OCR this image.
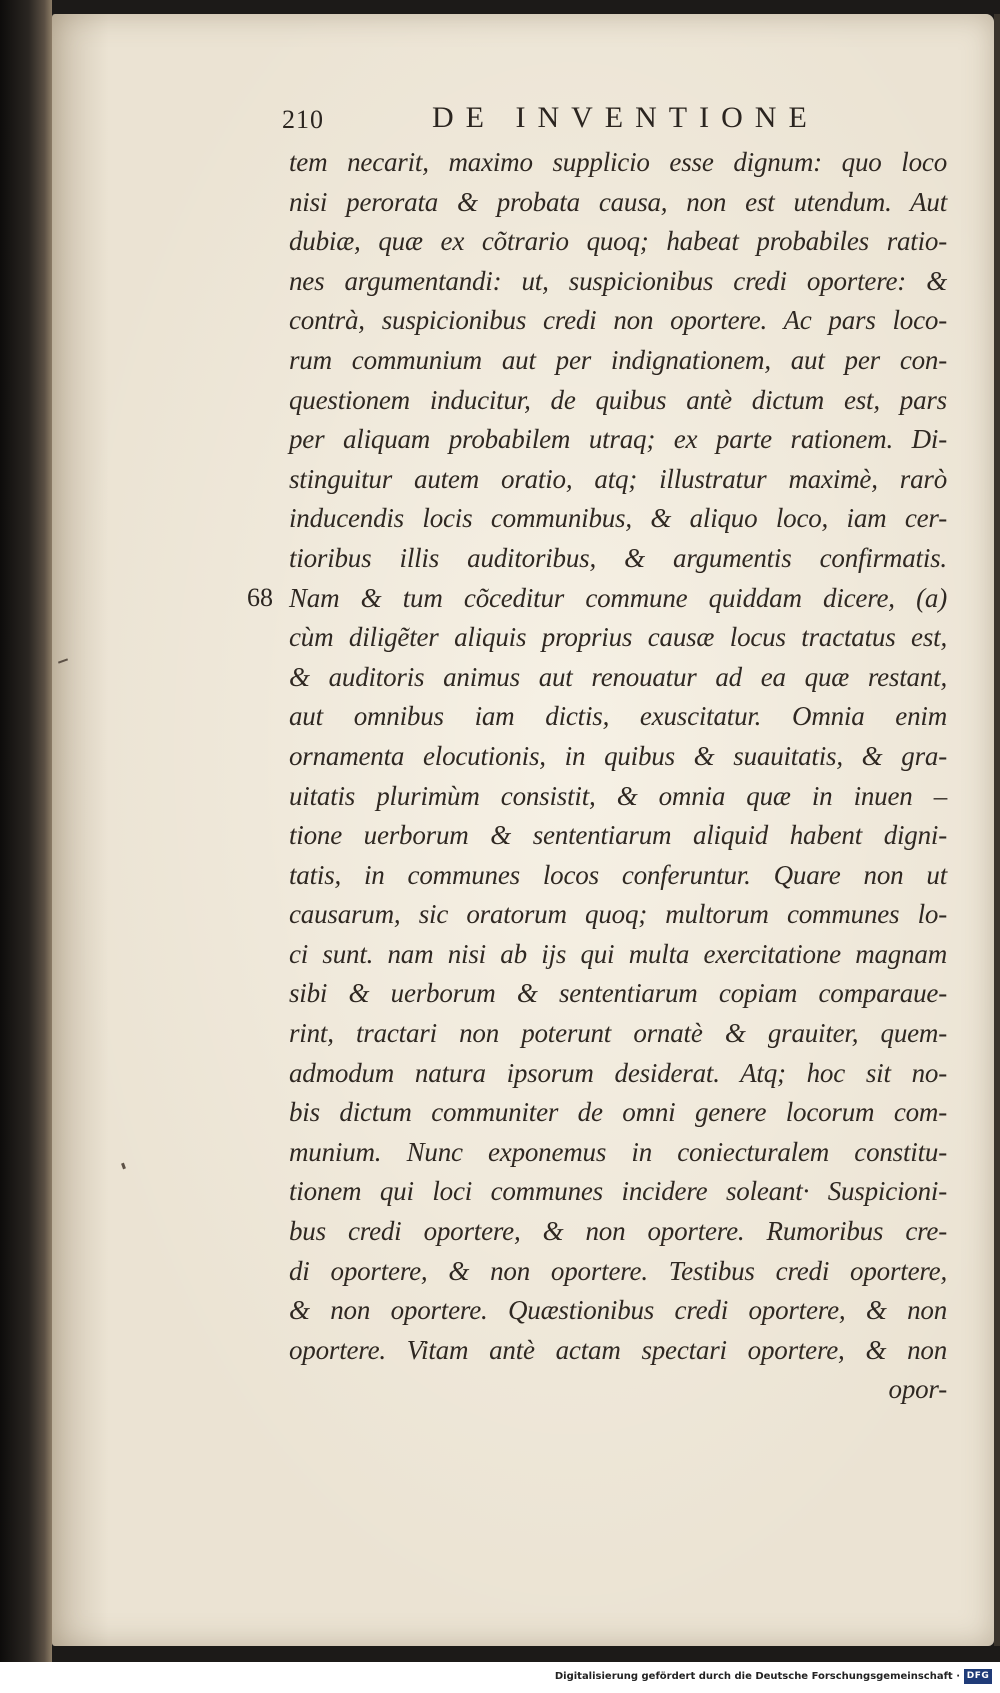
210	DE INVENTIONE
68
tem necarit, maximo supplicio esse dignum: quo loco
nisi perorata & probata causa, non est utendum. Aut
dubiæ, quæ ex cõtrario quoq; habeat probabiles ratio-
nes argumentandi: ut, suspicionibus credi oportere: &
contrà, suspicionibus credi non oportere. Ac pars loco-
rum communium aut per indignationem, aut per con-
questionem inducitur, de quibus antè dictum est, pars
per aliquam probabilem utraq; ex parte rationem. Di-
stinguitur autem oratio, atq; illustratur maximè, rarò
inducendis locis communibus, & aliquo loco, iam cer-
tioribus illis auditoribus, & argumentis confirmatis.
Nam & tum cõceditur commune quiddam dicere, (a)
cùm diligẽter aliquis proprius causæ locus tractatus est,
& auditoris animus aut renouatur ad ea quæ restant,
aut omnibus iam dictis, exuscitatur. Omnia enim
ornamenta elocutionis, in quibus & suauitatis, & gra-
uitatis plurimùm consistit, & omnia quæ in inuen –
tione uerborum & sententiarum aliquid habent digni-
tatis, in communes locos conferuntur. Quare non ut
causarum, sic oratorum quoq; multorum communes lo-
ci sunt. nam nisi ab ijs qui multa exercitatione magnam
sibi & uerborum & sententiarum copiam comparaue-
rint, tractari non poterunt ornatè & grauiter, quem-
admodum natura ipsorum desiderat. Atq; hoc sit no-
bis dictum communiter de omni genere locorum com-
munium. Nunc exponemus in coniecturalem constitu-
tionem qui loci communes incidere soleant· Suspicioni-
bus credi oportere, & non oportere. Rumoribus cre-
di oportere, & non oportere. Testibus credi oportere,
& non oportere. Quæstionibus credi oportere, & non
oportere. Vitam antè actam spectari oportere, & non
opor-
Digitalisierung gefördert durch die Deutsche Forschungsgemeinschaft · DFG
